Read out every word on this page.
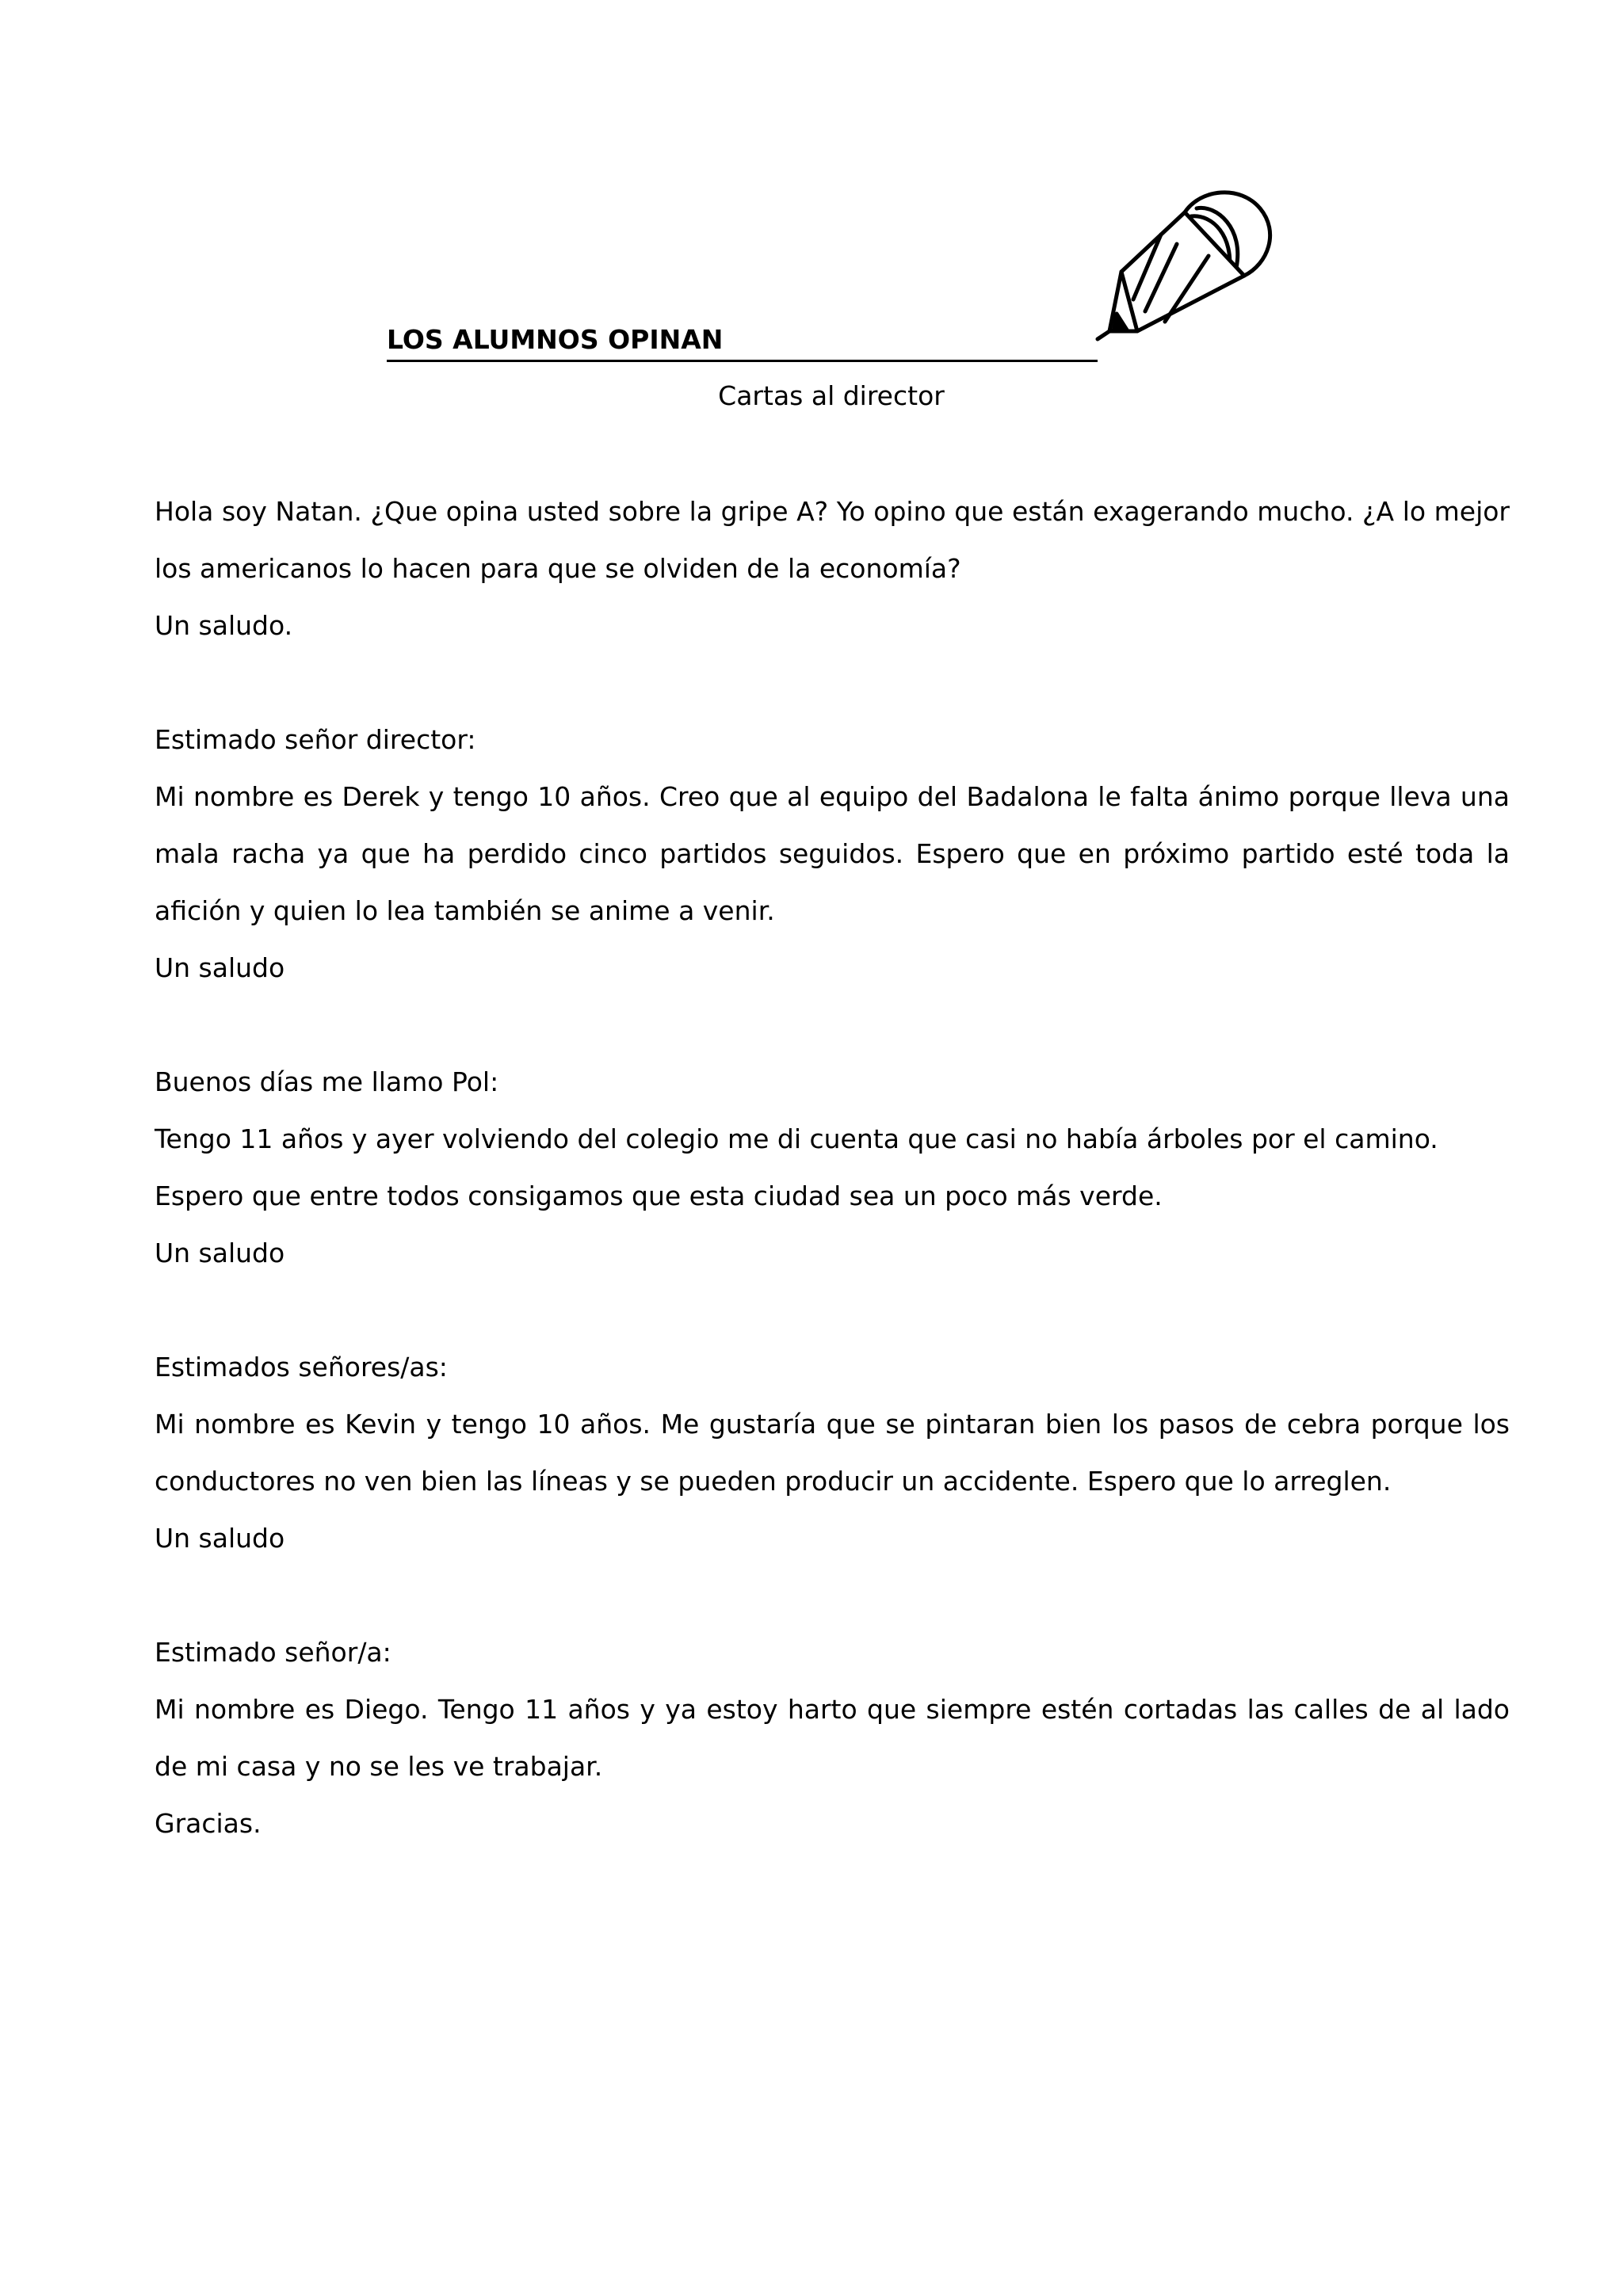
LOS ALUMNOS OPINAN
Cartas al director

Hola soy Natan. ¿Que opina usted sobre la gripe A? Yo opino que están exagerando mucho. ¿A lo mejor los americanos lo hacen para que se olviden de la economía?

Un saludo.

Estimado señor director:

Mi nombre es Derek y tengo 10 años. Creo que al equipo del Badalona le falta ánimo porque lleva una mala racha ya que ha perdido cinco partidos seguidos. Espero que en próximo partido esté toda la afición y quien lo lea también se anime a venir.

Un saludo

Buenos días me llamo Pol:

Tengo 11 años y ayer volviendo del colegio me di cuenta que casi no había árboles por el camino.

Espero que entre todos consigamos que esta ciudad sea un poco más verde.

Un saludo

Estimados señores/as:

Mi nombre es Kevin y tengo 10 años. Me gustaría que se pintaran bien los pasos de cebra porque los conductores no ven bien las líneas y se pueden producir un accidente. Espero que lo arreglen.

Un saludo

Estimado señor/a:

Mi nombre es Diego. Tengo 11 años y ya estoy harto que siempre estén cortadas las calles de al lado de mi casa y no se les ve trabajar.

Gracias.
